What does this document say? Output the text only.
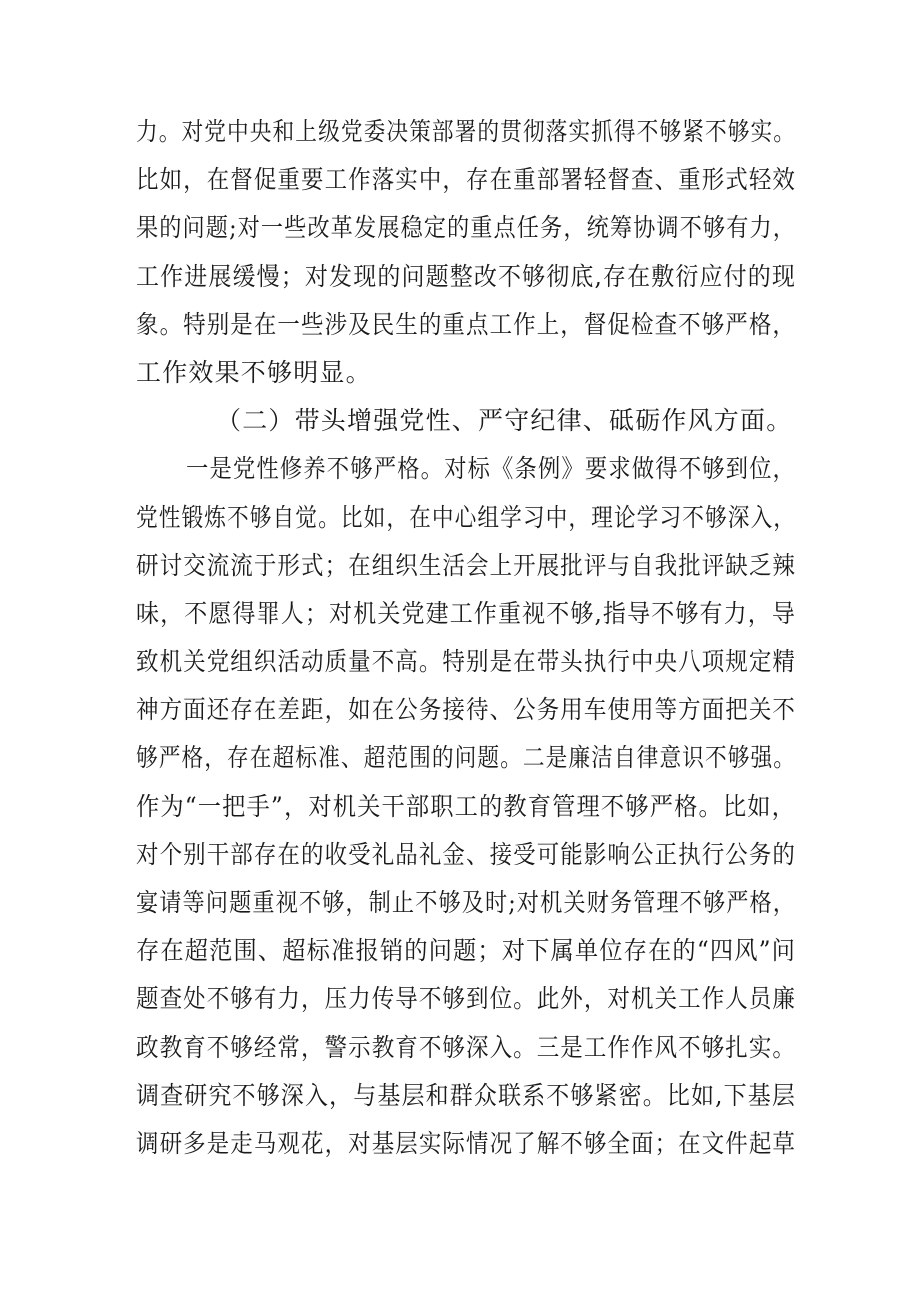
力。对党中央和上级党委决策部署的贯彻落实抓得不够紧不够实。
比如，在督促重要工作落实中，存在重部署轻督查、重形式轻效
果的问题;对一些改革发展稳定的重点任务，统筹协调不够有力，
工作进展缓慢；对发现的问题整改不够彻底,存在敷衍应付的现
象。特别是在一些涉及民生的重点工作上，督促检查不够严格，
工作效果不够明显。
（二）带头增强党性、严守纪律、砥砺作风方面。
一是党性修养不够严格。对标《条例》要求做得不够到位，
党性锻炼不够自觉。比如，在中心组学习中，理论学习不够深入，
研讨交流流于形式；在组织生活会上开展批评与自我批评缺乏辣
味，不愿得罪人；对机关党建工作重视不够,指导不够有力，导
致机关党组织活动质量不高。特别是在带头执行中央八项规定精
神方面还存在差距，如在公务接待、公务用车使用等方面把关不
够严格，存在超标准、超范围的问题。二是廉洁自律意识不够强。
作为“一把手”，对机关干部职工的教育管理不够严格。比如，
对个别干部存在的收受礼品礼金、接受可能影响公正执行公务的
宴请等问题重视不够，制止不够及时;对机关财务管理不够严格，
存在超范围、超标准报销的问题；对下属单位存在的“四风”问
题查处不够有力，压力传导不够到位。此外，对机关工作人员廉
政教育不够经常，警示教育不够深入。三是工作作风不够扎实。
调查研究不够深入，与基层和群众联系不够紧密。比如,下基层
调研多是走马观花，对基层实际情况了解不够全面；在文件起草
